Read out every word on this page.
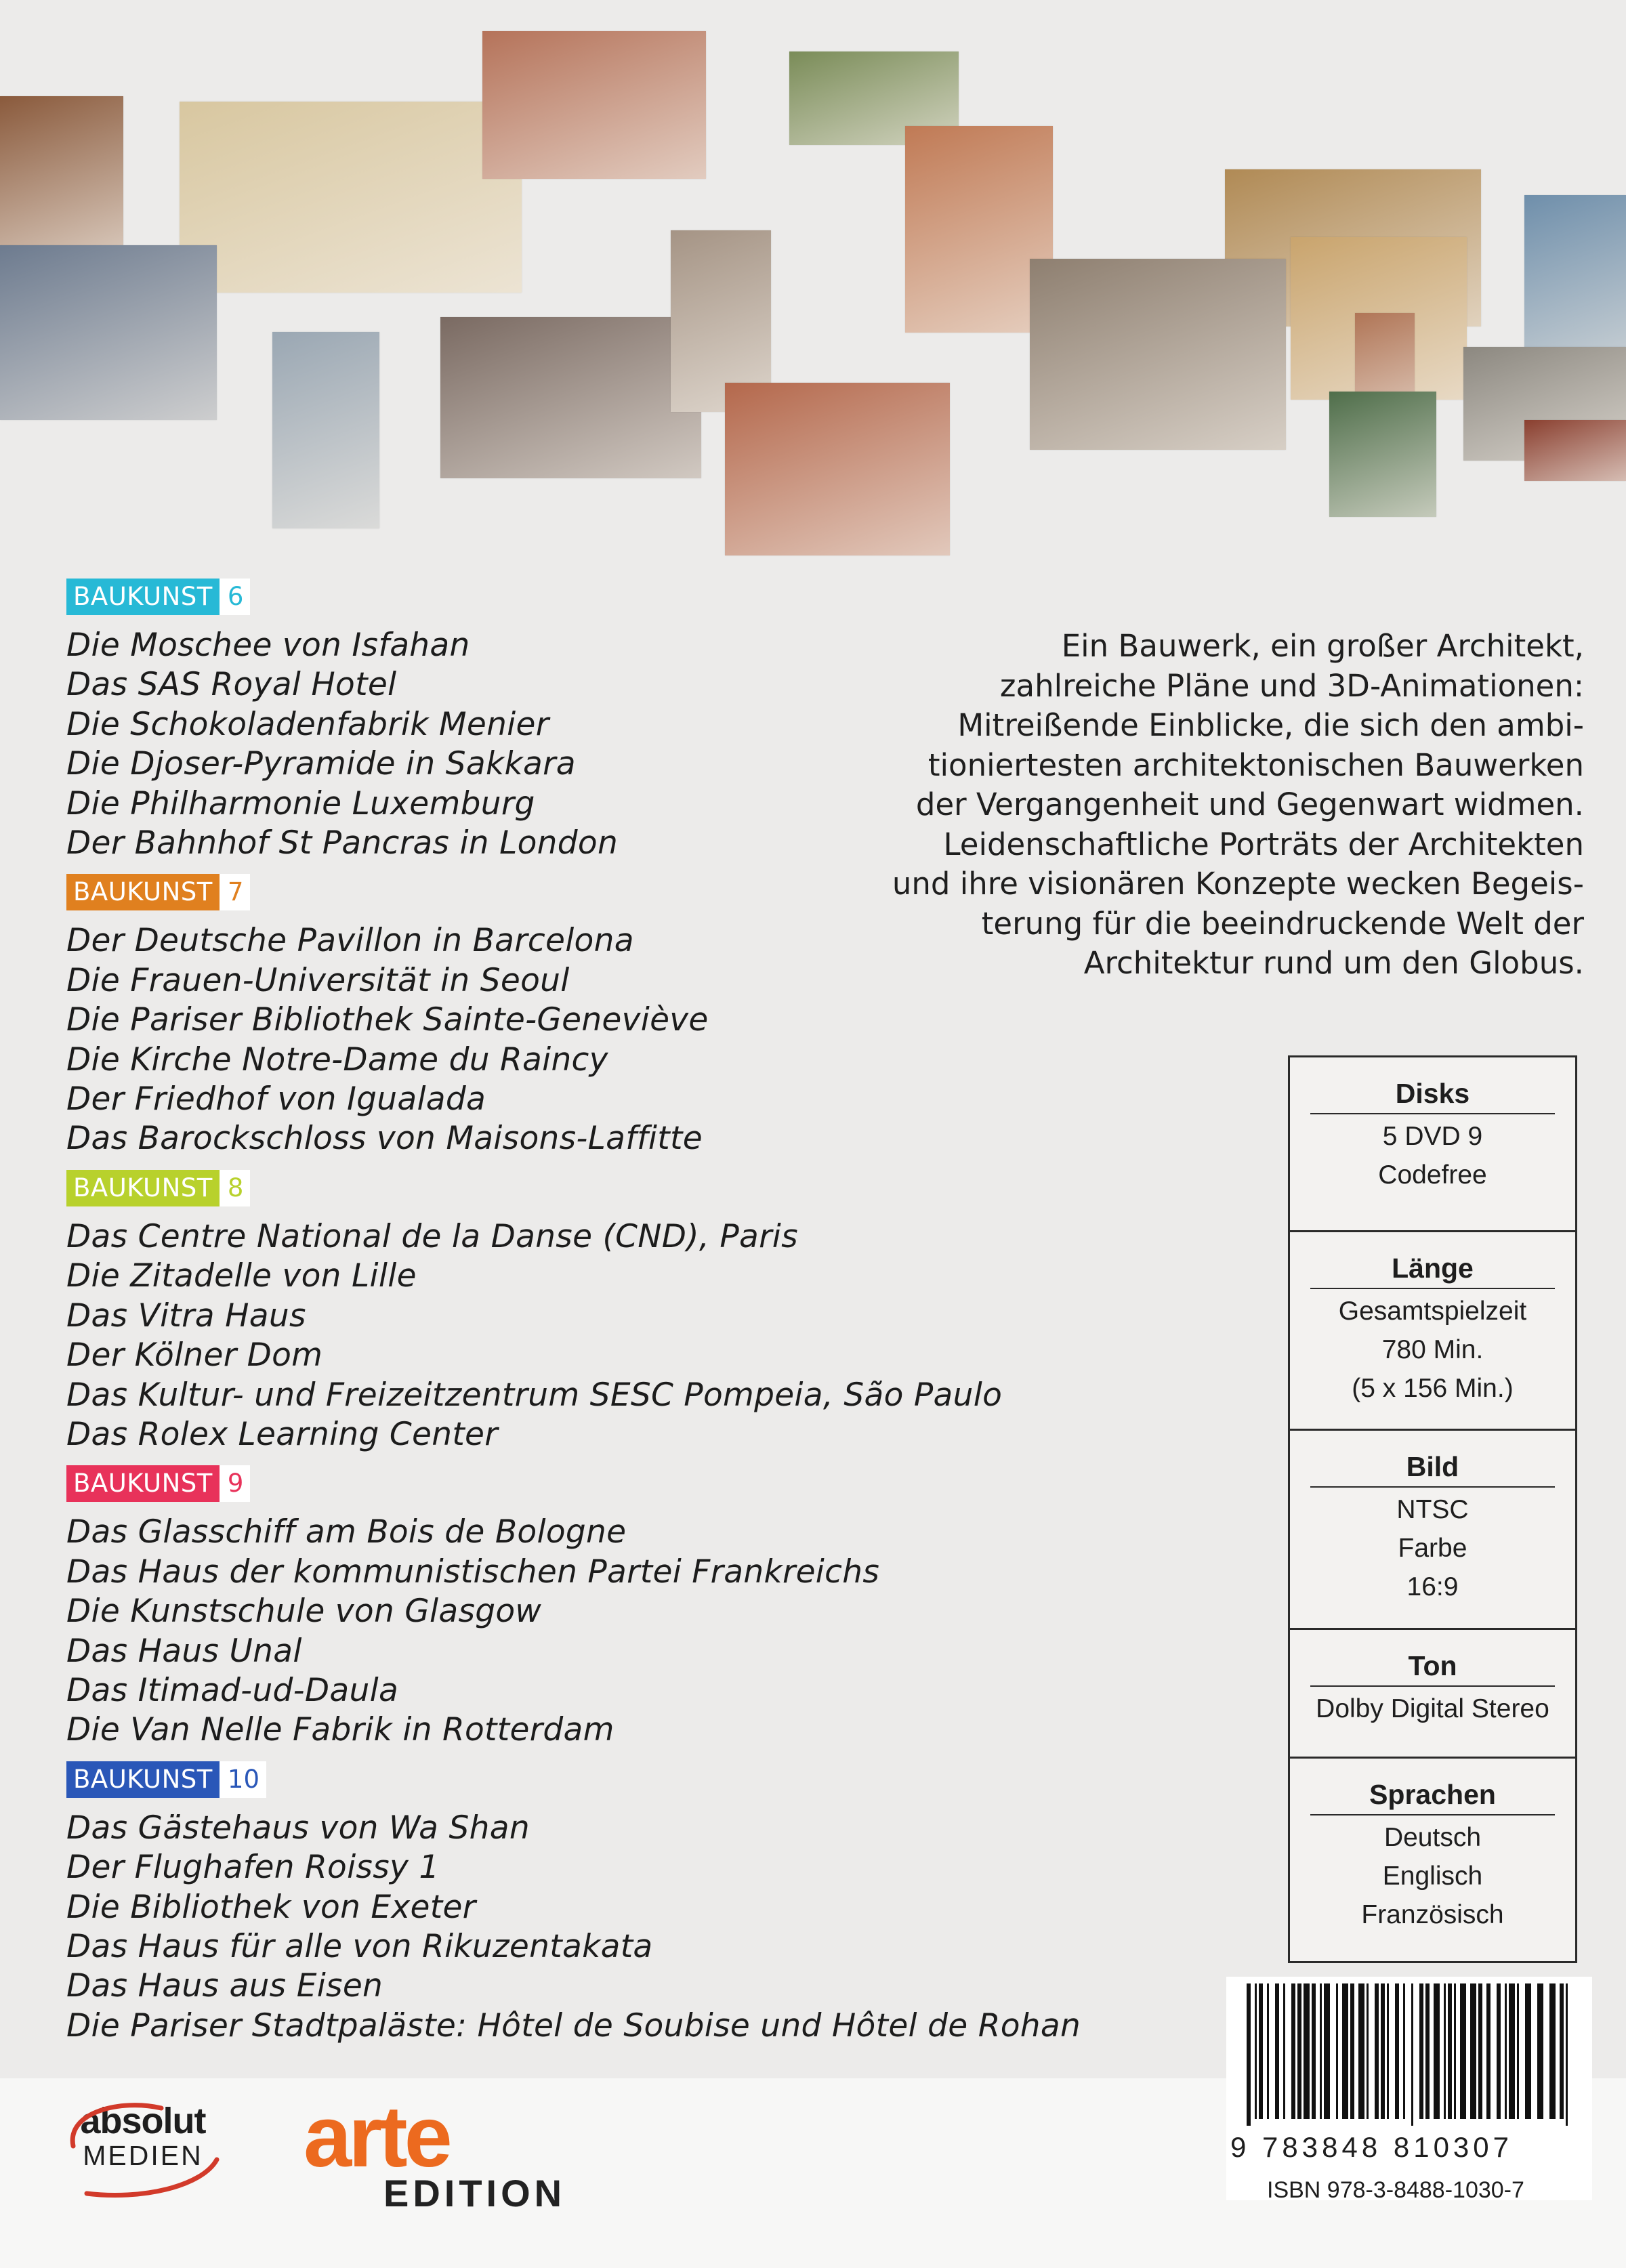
BAUKUNST 6
Die Moschee von Isfahan
Das SAS Royal Hotel
Die Schokoladenfabrik Menier
Die Djoser-Pyramide in Sakkara
Die Philharmonie Luxemburg
Der Bahnhof St Pancras in London
BAUKUNST 7
Der Deutsche Pavillon in Barcelona
Die Frauen-Universität in Seoul
Die Pariser Bibliothek Sainte-Geneviève
Die Kirche Notre-Dame du Raincy
Der Friedhof von Igualada
Das Barockschloss von Maisons-Laffitte
BAUKUNST 8
Das Centre National de la Danse (CND), Paris
Die Zitadelle von Lille
Das Vitra Haus
Der Kölner Dom
Das Kultur- und Freizeitzentrum SESC Pompeia, São Paulo
Das Rolex Learning Center
BAUKUNST 9
Das Glasschiff am Bois de Bologne
Das Haus der kommunistischen Partei Frankreichs
Die Kunstschule von Glasgow
Das Haus Unal
Das Itimad-ud-Daula
Die Van Nelle Fabrik in Rotterdam
BAUKUNST 10
Das Gästehaus von Wa Shan
Der Flughafen Roissy 1
Die Bibliothek von Exeter
Das Haus für alle von Rikuzentakata
Das Haus aus Eisen
Die Pariser Stadtpaläste: Hôtel de Soubise und Hôtel de Rohan

Ein Bauwerk, ein großer Architekt,

zahlreiche Pläne und 3D-Animationen:

Mitreißende Einblicke, die sich den ambi-

tioniertesten architektonischen Bauwerken

der Vergangenheit und Gegenwart widmen.

Leidenschaftliche Porträts der Architekten

und ihre visionären Konzepte wecken Begeis-

terung für die beeindruckende Welt der

Architektur rund um den Globus.

Disks
5 DVD 9
Codefree
Länge
Gesamtspielzeit
780 Min.
(5 x 156 Min.)
Bild
NTSC
Farbe
16:9
Ton
Dolby Digital Stereo
Sprachen
Deutsch
Englisch
Französisch
9 783848 810307
ISBN 978-3-8488-1030-7
absolut
MEDIEN arte
EDITION
